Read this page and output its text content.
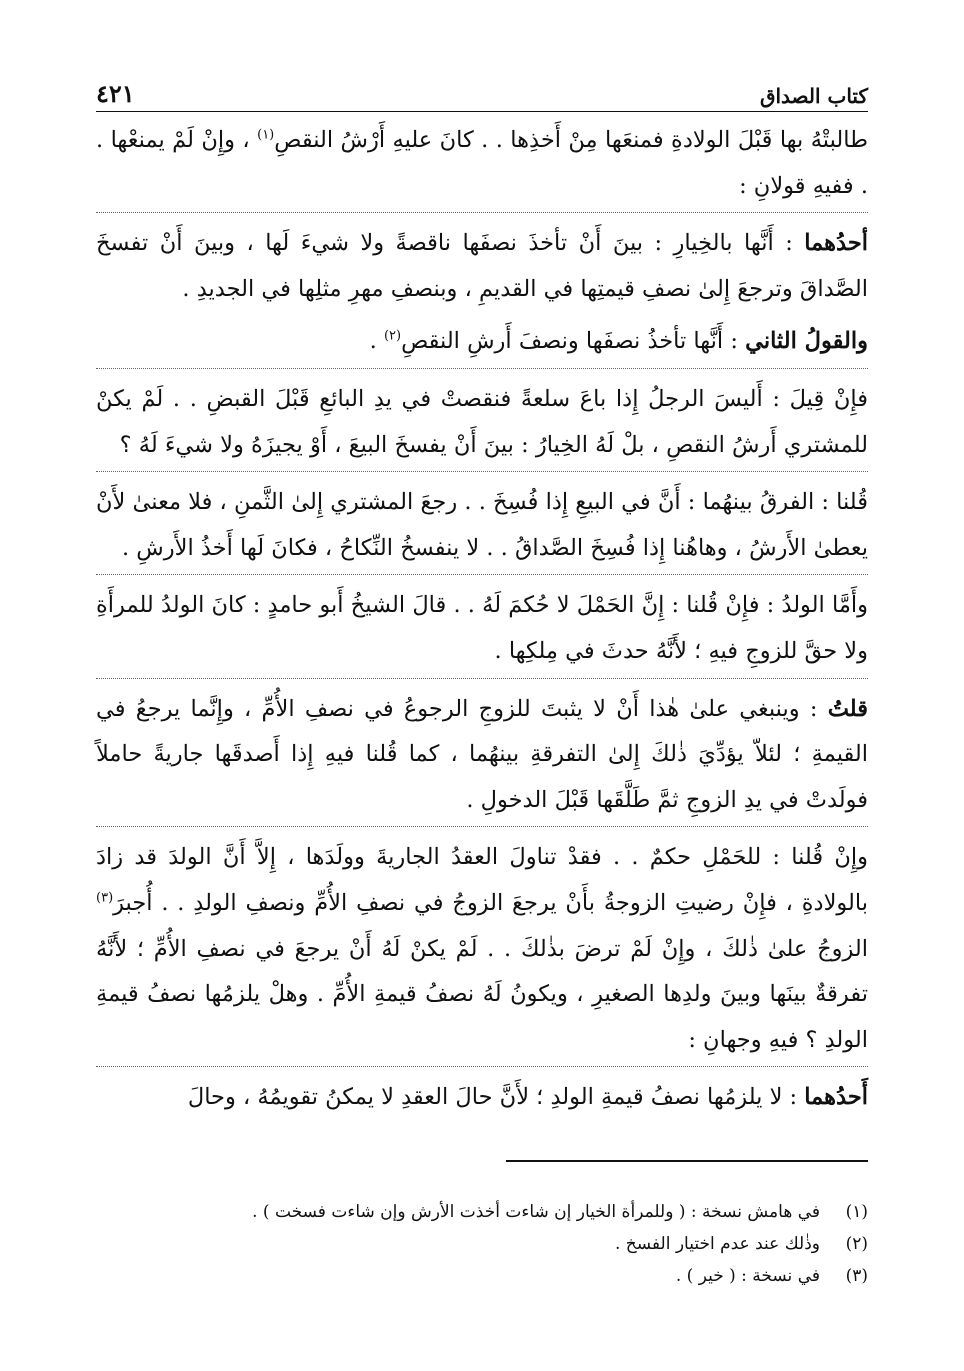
كتاب الصداق
٤٢١

طالبتْهُ بها قَبْلَ الولادةِ فمنعَها مِنْ أَخذِها . . كانَ عليهِ أَرْشُ النقصِ$^{(١)}$ ، وإِنْ لَمْ يمنعْها . . ففيهِ قولانِ :

أحدُهما : أَنَّها بالخِيارِ : بينَ أَنْ تأخذَ نصفَها ناقصةً ولا شيءَ لَها ، وبينَ أَنْ تفسخَ الصَّداقَ وترجعَ إِلىٰ نصفِ قيمتِها في القديمِ ، وبنصفِ مهرِ مثلِها في الجديدِ .

والقولُ الثاني : أَنَّها تأخذُ نصفَها ونصفَ أَرشِ النقصِ$^{(٢)}$ .

فإِنْ قِيلَ : أَليسَ الرجلُ إِذا باعَ سلعةً فنقصتْ في يدِ البائعِ قَبْلَ القبضِ . . لَمْ يكنْ للمشتري أَرشُ النقصِ ، بلْ لَهُ الخِيارُ : بينَ أَنْ يفسخَ البيعَ ، أَوْ يجيزَهُ ولا شيءَ لَهُ ؟

قُلنا : الفرقُ بينهُما : أَنَّ في البيعِ إِذا فُسِخَ . . رجعَ المشتري إِلىٰ الثَّمنِ ، فلا معنىٰ لأَنْ يعطىٰ الأَرشُ ، وهاهُنا إِذا فُسِخَ الصَّداقُ . . لا ينفسخُ النِّكاحُ ، فكانَ لَها أَخذُ الأَرشِ .

وأَمَّا الولدُ : فإِنْ قُلنا : إِنَّ الحَمْلَ لا حُكمَ لَهُ . . قالَ الشيخُ أَبو حامدٍ : كانَ الولدُ للمرأَةِ ولا حقَّ للزوجِ فيهِ ؛ لأَنَّهُ حدثَ في مِلكِها .

قلتُ : وينبغي علىٰ هٰذا أَنْ لا يثبتَ للزوجِ الرجوعُ في نصفِ الأُمِّ ، وإِنَّما يرجعُ في القيمةِ ؛ لئلاّ يؤدِّيَ ذٰلكَ إِلىٰ التفرقةِ بينهُما ، كما قُلنا فيهِ إِذا أَصدقَها جاريةً حاملاً فولَدتْ في يدِ الزوجِ ثمَّ طَلَّقَها قَبْلَ الدخولِ .

وإِنْ قُلنا : للحَمْلِ حكمٌ . . فقدْ تناولَ العقدُ الجاريةَ وولَدَها ، إِلاَّ أَنَّ الولدَ قد زادَ بالولادةِ ، فإِنْ رضيتِ الزوجةُ بأَنْ يرجعَ الزوجُ في نصفِ الأُمِّ ونصفِ الولدِ . . أُجبرَ$^{(٣)}$ الزوجُ علىٰ ذٰلكَ ، وإِنْ لَمْ ترضَ بذٰلكَ . . لَمْ يكنْ لَهُ أَنْ يرجعَ في نصفِ الأُمِّ ؛ لأَنَّهُ تفرقةٌ بينَها وبينَ ولدِها الصغيرِ ، ويكونُ لَهُ نصفُ قيمةِ الأُمِّ . وهلْ يلزمُها نصفُ قيمةِ الولدِ ؟ فيهِ وجهانِ :

أَحدُهما : لا يلزمُها نصفُ قيمةِ الولدِ ؛ لأَنَّ حالَ العقدِ لا يمكنُ تقويمُهُ ، وحالَ

(١)
في هامش نسخة : ( وللمرأة الخيار إن شاءت أخذت الأرش وإن شاءت فسخت ) .
(٢)
وذٰلك عند عدم اختيار الفسخ .
(٣)
في نسخة : ( خير ) .
